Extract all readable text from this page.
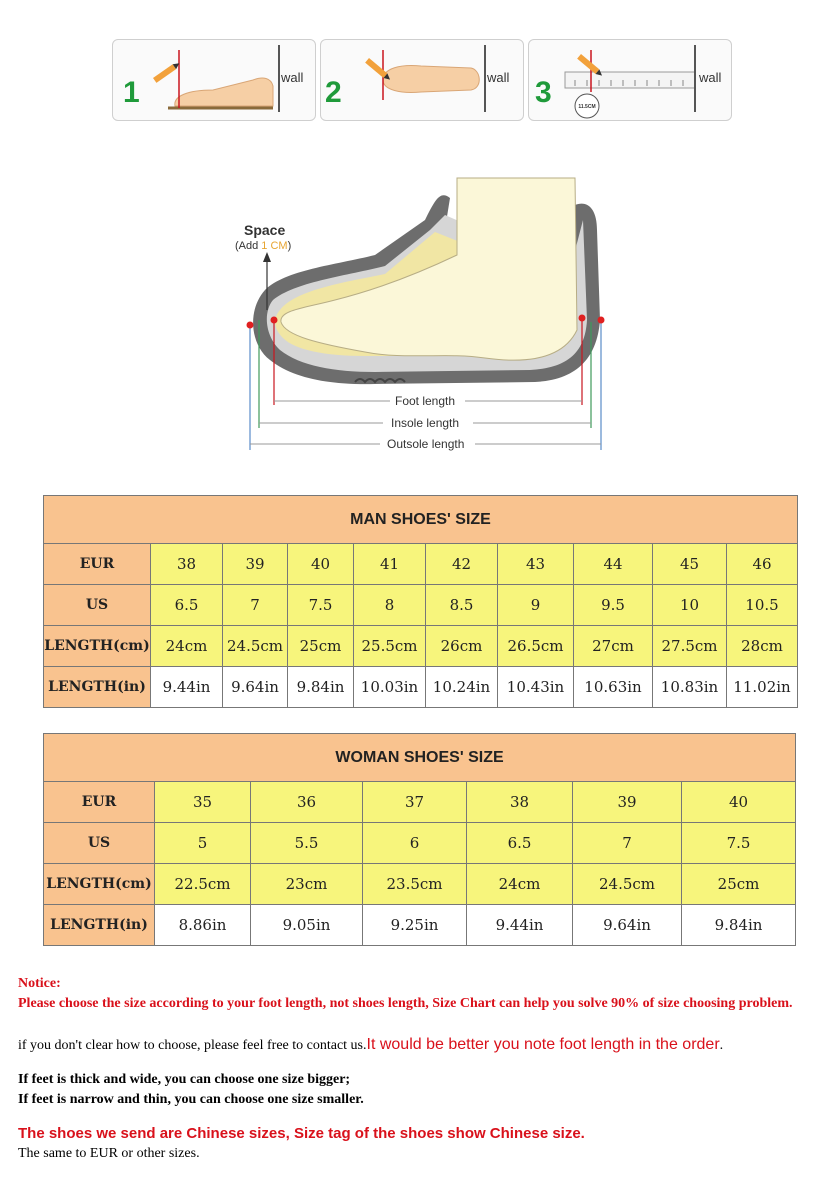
1	wall 2	wall 3	11.5CM
wall
Space
(Add 1 CM)
Foot length
Insole length
Outsole length
MAN SHOES' SIZE									
EUR	38	39	40	41	42	43	44	45	46
US	6.5	7	7.5	8	8.5	9	9.5	10	10.5
LENGTH(cm)	24cm	24.5cm	25cm	25.5cm	26cm	26.5cm	27cm	27.5cm	28cm
LENGTH(in)	9.44in	9.64in	9.84in	10.03in	10.24in	10.43in	10.63in	10.83in	11.02in
WOMAN SHOES' SIZE						
EUR	35	36	37	38	39	40
US	5	5.5	6	6.5	7	7.5
LENGTH(cm)	22.5cm	23cm	23.5cm	24cm	24.5cm	25cm
LENGTH(in)	8.86in	9.05in	9.25in	9.44in	9.64in	9.84in
Notice:
Please choose the size according to your foot length, not shoes length, Size Chart can help you solve 90% of size choosing problem.
if you don't clear how to choose, please feel free to contact us.It would be better you note foot length in the order.
If feet is thick and wide, you can choose one size bigger;
If feet is narrow and thin, you can choose one size smaller.
The shoes we send are Chinese sizes, Size tag of the shoes show Chinese size.
The same to EUR or other sizes.
